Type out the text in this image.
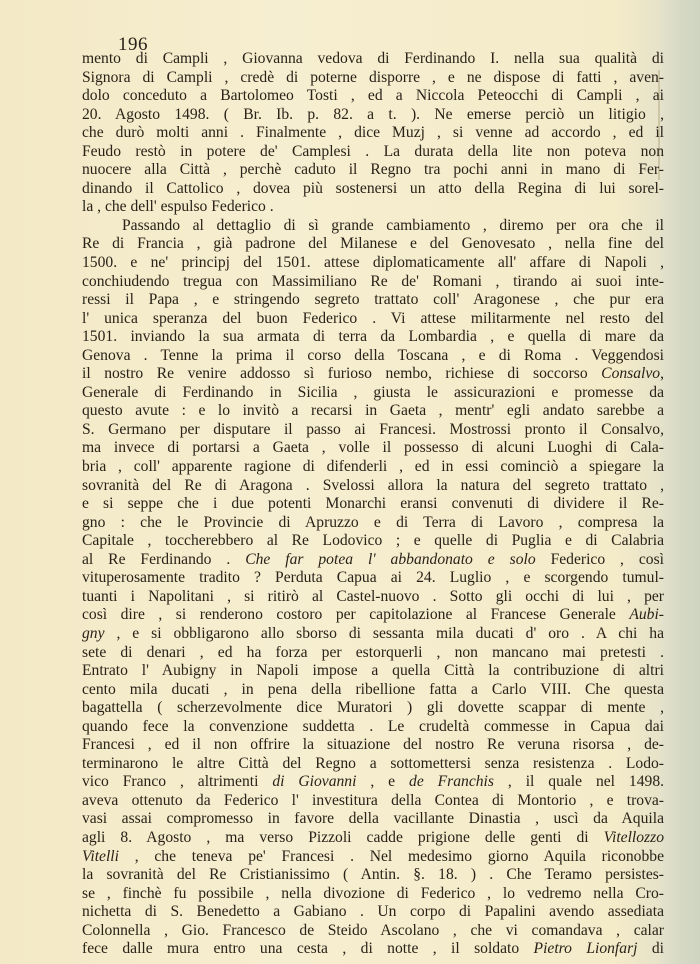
196
mento di Campli , Giovanna vedova di Ferdinando I. nella sua qualità di
Signora di Campli , credè di poterne disporre , e ne dispose di fatti , aven-
dolo conceduto a Bartolomeo Tosti , ed a Niccola Peteocchi di Campli , ai
20. Agosto 1498. ( Br. Ib. p. 82. a t. ). Ne emerse perciò un litigio ,
che durò molti anni . Finalmente , dice Muzj , si venne ad accordo , ed il
Feudo restò in potere de' Camplesi . La durata della lite non poteva non
nuocere alla Città , perchè caduto il Regno tra pochi anni in mano di Fer-
dinando il Cattolico , dovea più sostenersi un atto della Regina di lui sorel-
la , che dell' espulso Federico .
Passando al dettaglio di sì grande cambiamento , diremo per ora che il
Re di Francia , già padrone del Milanese e del Genovesato , nella fine del
1500. e ne' principj del 1501. attese diplomaticamente all' affare di Napoli ,
conchiudendo tregua con Massimiliano Re de' Romani , tirando ai suoi inte-
ressi il Papa , e stringendo segreto trattato coll' Aragonese , che pur era
l' unica speranza del buon Federico . Vi attese militarmente nel resto del
1501. inviando la sua armata di terra da Lombardia , e quella di mare da
Genova . Tenne la prima il corso della Toscana , e di Roma . Veggendosi
il nostro Re venire addosso sì furioso nembo, richiese di soccorso Consalvo,
Generale di Ferdinando in Sicilia , giusta le assicurazioni e promesse da
questo avute : e lo invitò a recarsi in Gaeta , mentr' egli andato sarebbe a
S. Germano per disputare il passo ai Francesi. Mostrossi pronto il Consalvo,
ma invece di portarsi a Gaeta , volle il possesso di alcuni Luoghi di Cala-
bria , coll' apparente ragione di difenderli , ed in essi cominciò a spiegare la
sovranità del Re di Aragona . Svelossi allora la natura del segreto trattato ,
e si seppe che i due potenti Monarchi eransi convenuti di dividere il Re-
gno : che le Provincie di Apruzzo e di Terra di Lavoro , compresa la
Capitale , toccherebbero al Re Lodovico ; e quelle di Puglia e di Calabria
al Re Ferdinando . Che far potea l' abbandonato e solo Federico , così
vituperosamente tradito ? Perduta Capua ai 24. Luglio , e scorgendo tumul-
tuanti i Napolitani , si ritirò al Castel-nuovo . Sotto gli occhi di lui , per
così dire , si renderono costoro per capitolazione al Francese Generale Aubi-
gny , e si obbligarono allo sborso di sessanta mila ducati d' oro . A chi ha
sete di denari , ed ha forza per estorquerli , non mancano mai pretesti .
Entrato l' Aubigny in Napoli impose a quella Città la contribuzione di altri
cento mila ducati , in pena della ribellione fatta a Carlo VIII. Che questa
bagattella ( scherzevolmente dice Muratori ) gli dovette scappar di mente ,
quando fece la convenzione suddetta . Le crudeltà commesse in Capua dai
Francesi , ed il non offrire la situazione del nostro Re veruna risorsa , de-
terminarono le altre Città del Regno a sottomettersi senza resistenza . Lodo-
vico Franco , altrimenti di Giovanni , e de Franchis , il quale nel 1498.
aveva ottenuto da Federico l' investitura della Contea di Montorio , e trova-
vasi assai compromesso in favore della vacillante Dinastia , uscì da Aquila
agli 8. Agosto , ma verso Pizzoli cadde prigione delle genti di Vitellozzo
Vitelli , che teneva pe' Francesi . Nel medesimo giorno Aquila riconobbe
la sovranità del Re Cristianissimo ( Antin. §. 18. ) . Che Teramo persistes-
se , finchè fu possibile , nella divozione di Federico , lo vedremo nella Cro-
nichetta di S. Benedetto a Gabiano . Un corpo di Papalini avendo assediata
Colonnella , Gio. Francesco de Steido Ascolano , che vi comandava , calar
fece dalle mura entro una cesta , di notte , il soldato Pietro Lionfarj di
